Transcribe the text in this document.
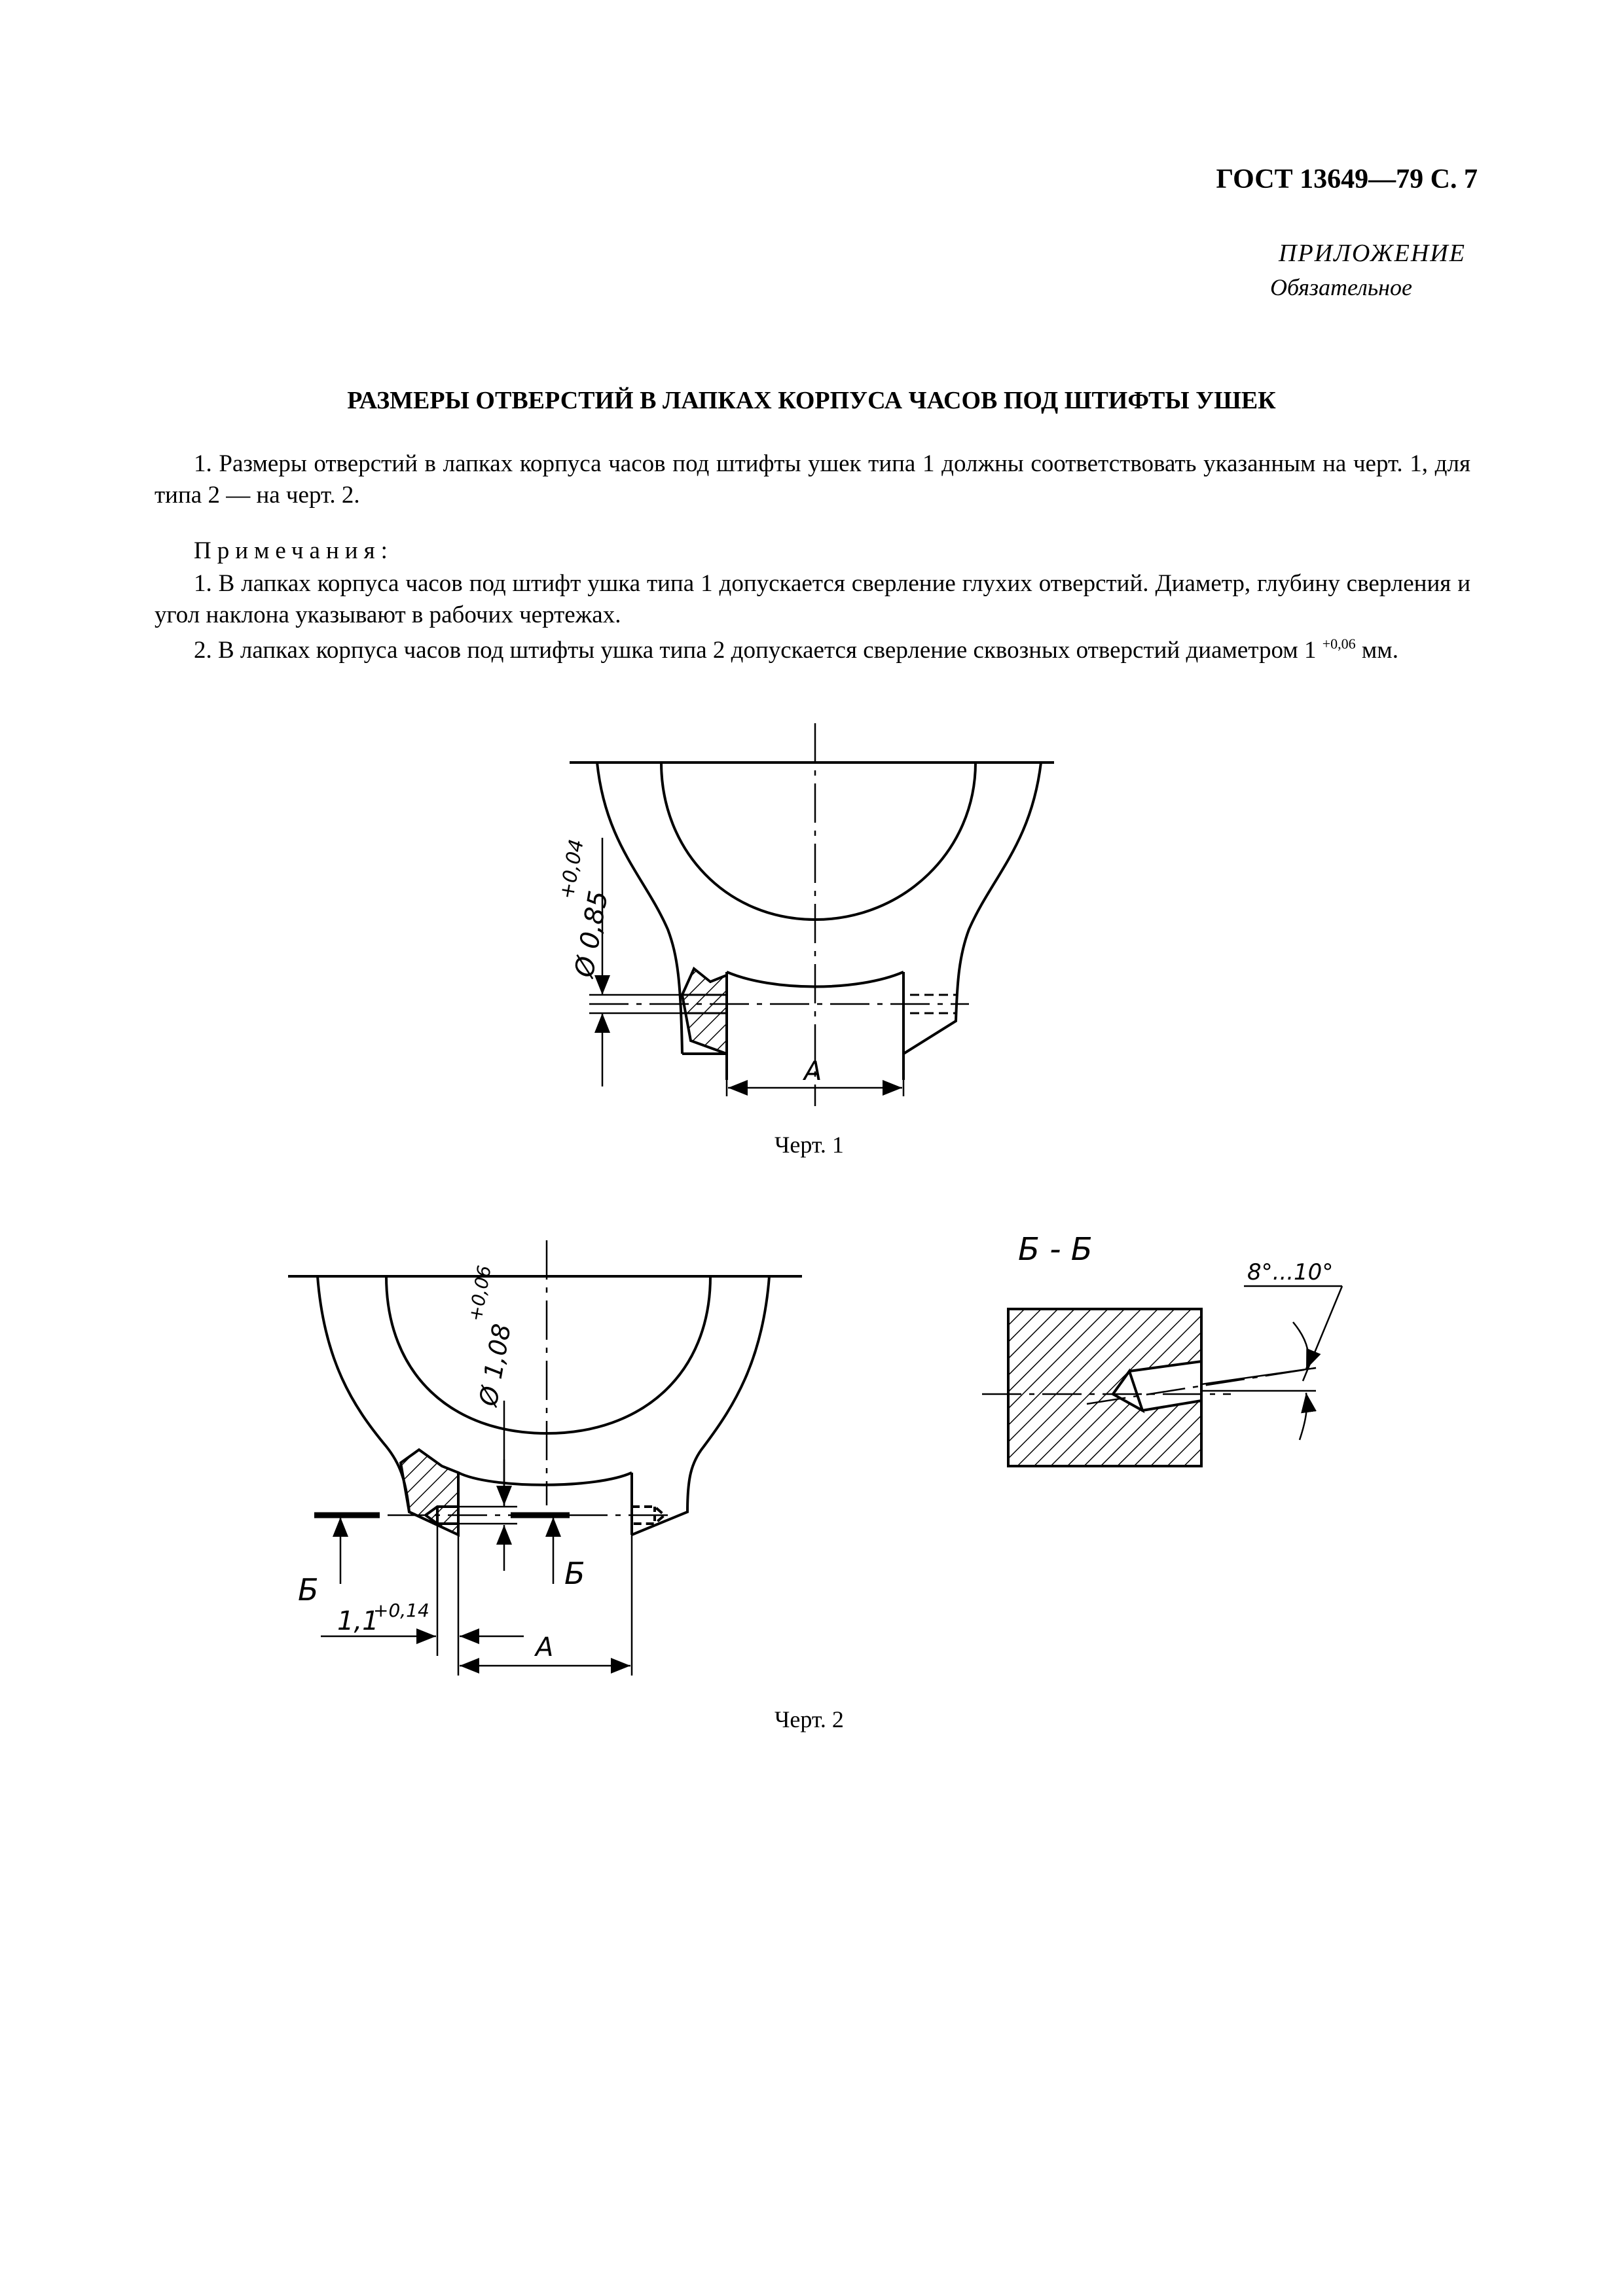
ГОСТ 13649—79 С. 7
ПРИЛОЖЕНИЕ
Обязательное
РАЗМЕРЫ ОТВЕРСТИЙ В ЛАПКАХ КОРПУСА ЧАСОВ ПОД ШТИФТЫ УШЕК
1. Размеры отверстий в лапках корпуса часов под штифты ушек типа 1 должны соответствовать указанным на черт. 1, для типа 2 — на черт. 2.
Примечания:
1. В лапках корпуса часов под штифт ушка типа 1 допускается сверление глухих отверстий. Диаметр, глубину сверления и угол наклона указывают в рабочих чертежах.
2. В лапках корпуса часов под штифты ушка типа 2 допускается сверление сквозных отверстий диаметром 1 $^{+0,06}$ мм.
Ø 0,85
+0,04
A
Ø 1,08
+0,06
1,1
+0,14
A
Б	Б
Б - Б
8°...10°
Черт. 1
Черт. 2
